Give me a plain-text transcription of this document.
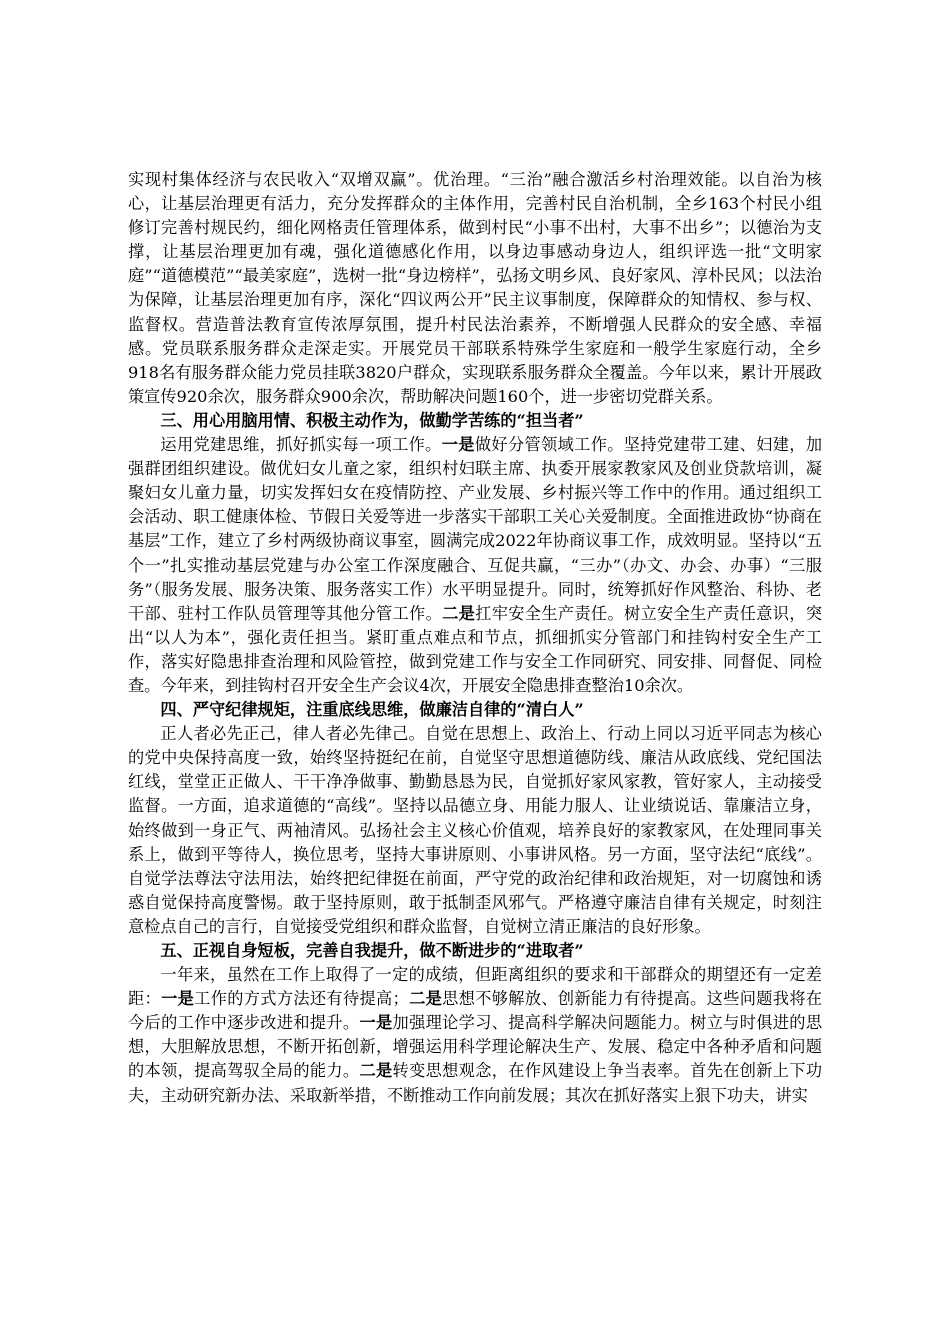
实现村集体经济与农民收入“双增双赢”。优治理。“三治”融合激活乡村治理效能。以自治为核心，让基层治理更有活力，充分发挥群众的主体作用，完善村民自治机制，全乡163个村民小组修订完善村规民约，细化网格责任管理体系，做到村民“小事不出村，大事不出乡”；以德治为支撑，让基层治理更加有魂，强化道德感化作用，以身边事感动身边人，组织评选一批“文明家庭”“道德模范”“最美家庭”，选树一批“身边榜样”，弘扬文明乡风、良好家风、淳朴民风；以法治为保障，让基层治理更加有序，深化“四议两公开”民主议事制度，保障群众的知情权、参与权、监督权。营造普法教育宣传浓厚氛围，提升村民法治素养，不断增强人民群众的安全感、幸福感。党员联系服务群众走深走实。开展党员干部联系特殊学生家庭和一般学生家庭行动，全乡918名有服务群众能力党员挂联3820户群众，实现联系服务群众全覆盖。今年以来，累计开展政策宣传920余次，服务群众900余次，帮助解决问题160个，进一步密切党群关系。

三、用心用脑用情、积极主动作为，做勤学苦练的“担当者”

运用党建思维，抓好抓实每一项工作。一是做好分管领域工作。坚持党建带工建、妇建，加强群团组织建设。做优妇女儿童之家，组织村妇联主席、执委开展家教家风及创业贷款培训，凝聚妇女儿童力量，切实发挥妇女在疫情防控、产业发展、乡村振兴等工作中的作用。通过组织工会活动、职工健康体检、节假日关爱等进一步落实干部职工关心关爱制度。全面推进政协“协商在基层”工作，建立了乡村两级协商议事室，圆满完成2022年协商议事工作，成效明显。坚持以“五个一”扎实推动基层党建与办公室工作深度融合、互促共赢，“三办”（办文、办会、办事）“三服务”（服务发展、服务决策、服务落实工作）水平明显提升。同时，统筹抓好作风整治、科协、老干部、驻村工作队员管理等其他分管工作。二是扛牢安全生产责任。树立安全生产责任意识，突出“以人为本”，强化责任担当。紧盯重点难点和节点，抓细抓实分管部门和挂钩村安全生产工作，落实好隐患排查治理和风险管控，做到党建工作与安全工作同研究、同安排、同督促、同检查。今年来，到挂钩村召开安全生产会议4次，开展安全隐患排查整治10余次。

四、严守纪律规矩，注重底线思维，做廉洁自律的“清白人”

正人者必先正己，律人者必先律己。自觉在思想上、政治上、行动上同以习近平同志为核心的党中央保持高度一致，始终坚持挺纪在前，自觉坚守思想道德防线、廉洁从政底线、党纪国法红线，堂堂正正做人、干干净净做事、勤勤恳恳为民，自觉抓好家风家教，管好家人，主动接受监督。一方面，追求道德的“高线”。坚持以品德立身、用能力服人、让业绩说话、靠廉洁立身，始终做到一身正气、两袖清风。弘扬社会主义核心价值观，培养良好的家教家风，在处理同事关系上，做到平等待人，换位思考，坚持大事讲原则、小事讲风格。另一方面，坚守法纪“底线”。自觉学法尊法守法用法，始终把纪律挺在前面，严守党的政治纪律和政治规矩，对一切腐蚀和诱惑自觉保持高度警惕。敢于坚持原则，敢于抵制歪风邪气。严格遵守廉洁自律有关规定，时刻注意检点自己的言行，自觉接受党组织和群众监督，自觉树立清正廉洁的良好形象。

五、正视自身短板，完善自我提升，做不断进步的“进取者”

一年来，虽然在工作上取得了一定的成绩，但距离组织的要求和干部群众的期望还有一定差距：一是工作的方式方法还有待提高；二是思想不够解放、创新能力有待提高。这些问题我将在今后的工作中逐步改进和提升。一是加强理论学习、提高科学解决问题能力。树立与时俱进的思想，大胆解放思想，不断开拓创新，增强运用科学理论解决生产、发展、稳定中各种矛盾和问题的本领，提高驾驭全局的能力。二是转变思想观念，在作风建设上争当表率。首先在创新上下功夫，主动研究新办法、采取新举措，不断推动工作向前发展；其次在抓好落实上狠下功夫，讲实
